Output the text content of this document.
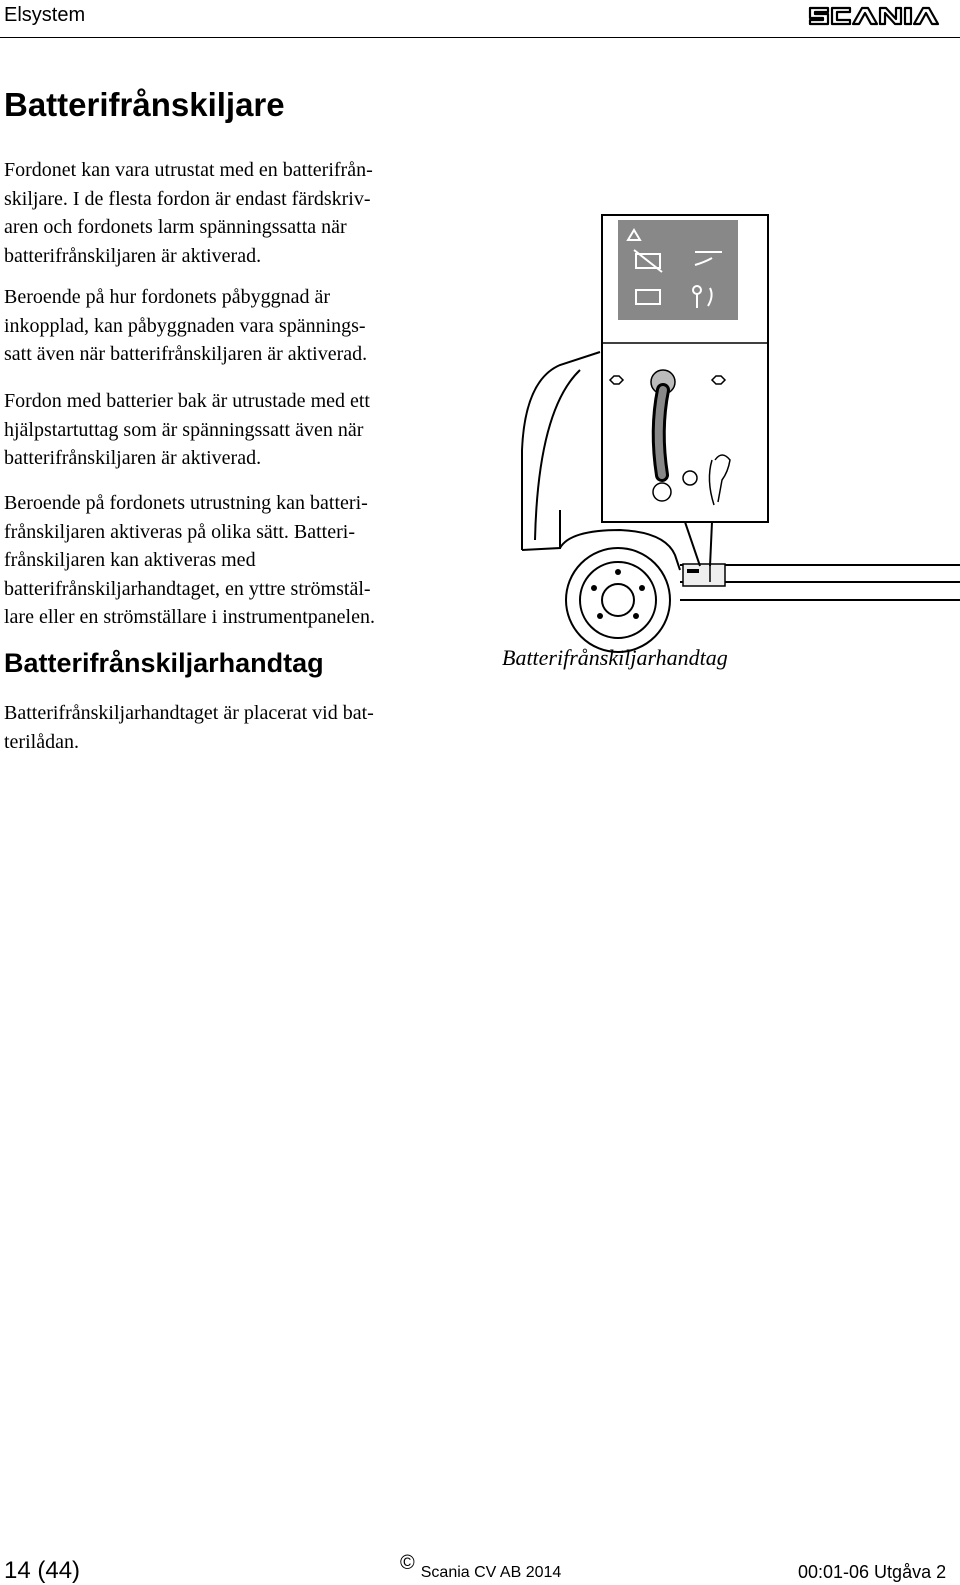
Elsystem
Batterifrånskiljare
Fordonet kan vara utrustat med en batterifrån-
skiljare. I de flesta fordon är endast färdskriv-
aren och fordonets larm spänningssatta när
batterifrånskiljaren är aktiverad.
Beroende på hur fordonets påbyggnad är
inkopplad, kan påbyggnaden vara spännings-
satt även när batterifrånskiljaren är aktiverad.
Fordon med batterier bak är utrustade med ett
hjälpstartuttag som är spänningssatt även när
batterifrånskiljaren är aktiverad.
Beroende på fordonets utrustning kan batteri-
frånskiljaren aktiveras på olika sätt. Batteri-
frånskiljaren kan aktiveras med
batterifrånskiljarhandtaget, en yttre strömstäl-
lare eller en strömställare i instrumentpanelen.
Batterifrånskiljarhandtag
Batterifrånskiljarhandtaget är placerat vid bat-
terilådan.
Batterifrånskiljarhandtag
14 (44)	© Scania CV AB 2014	00:01-06 Utgåva 2
